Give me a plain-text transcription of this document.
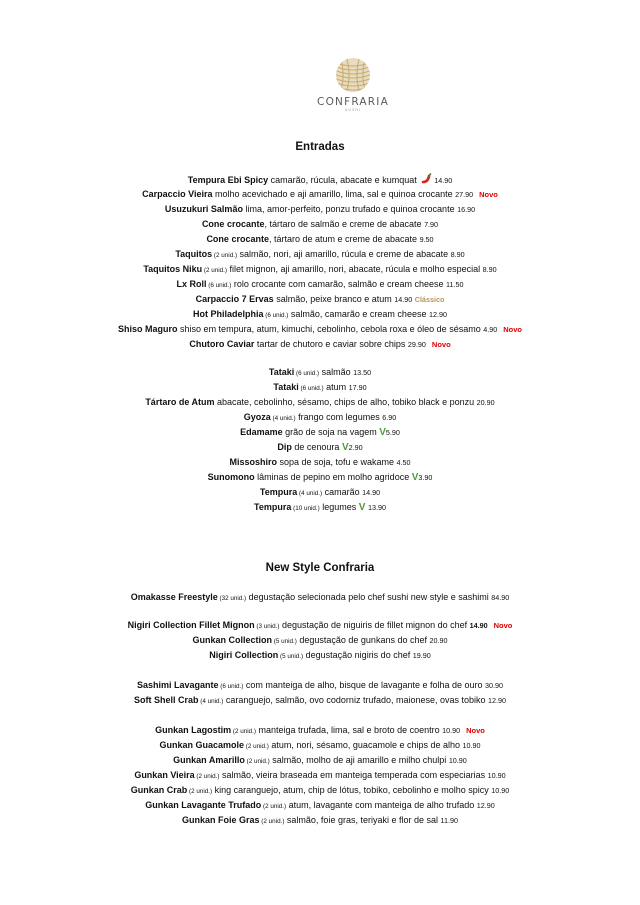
CONFRARIA
SUSHI
Entradas
Tempura Ebi Spicy camarão, rúcula, abacate e kumquat 14.90
Carpaccio Vieira molho acevichado e aji amarillo, lima, sal e quinoa crocante 27.90 Novo
Usuzukuri Salmão lima, amor-perfeito, ponzu trufado e quinoa crocante 16.90
Cone crocante, tártaro de salmão e creme de abacate 7.90
Cone crocante, tártaro de atum e creme de abacate 9.50
Taquitos (2 unid.) salmão, nori, aji amarillo, rúcula e creme de abacate 8.90
Taquitos Niku (2 unid.) filet mignon, aji amarillo, nori, abacate, rúcula e molho especial 8.90
Lx Roll (6 unid.) rolo crocante com camarão, salmão e cream cheese 11.50
Carpaccio 7 Ervas salmão, peixe branco e atum 14.90 Clássico
Hot Philadelphia (6 unid.) salmão, camarão e cream cheese 12.90
Shiso Maguro shiso em tempura, atum, kimuchi, cebolinho, cebola roxa e óleo de sésamo 4.90 Novo
Chutoro Caviar tartar de chutoro e caviar sobre chips 29.90 Novo
Tataki (6 unid.) salmão 13.50
Tataki (6 unid.) atum 17.90
Tártaro de Atum abacate, cebolinho, sésamo, chips de alho, tobiko black e ponzu 20.90
Gyoza (4 unid.) frango com legumes 6.90
Edamame grão de soja na vagem V5.90
Dip de cenoura V2.90
Missoshiro sopa de soja, tofu e wakame 4.50
Sunomono lâminas de pepino em molho agridoce V3.90
Tempura (4 unid.) camarão 14.90
Tempura (10 unid.) legumes V 13.90
New Style Confraria
Omakasse Freestyle (32 unid.) degustação selecionada pelo chef sushi new style e sashimi 84.90
Nigiri Collection Fillet Mignon (3 unid.) degustação de niguiris de fillet mignon do chef 14.90 Novo
Gunkan Collection (5 unid.) degustação de gunkans do chef 20.90
Nigiri Collection (5 unid.) degustação nigiris do chef 19.90
Sashimi Lavagante (6 unid.) com manteiga de alho, bisque de lavagante e folha de ouro 30.90
Soft Shell Crab (4 unid.) caranguejo, salmão, ovo codorniz trufado, maionese, ovas tobiko 12.90
Gunkan Lagostim (2 unid.) manteiga trufada, lima, sal e broto de coentro 10.90 Novo
Gunkan Guacamole (2 unid.) atum, nori, sésamo, guacamole e chips de alho 10.90
Gunkan Amarillo (2 unid.) salmão, molho de aji amarillo e milho chulpi 10.90
Gunkan Vieira (2 unid.) salmão, vieira braseada em manteiga temperada com especiarias 10.90
Gunkan Crab (2 unid.) king caranguejo, atum, chip de lótus, tobiko, cebolinho e molho spicy 10.90
Gunkan Lavagante Trufado (2 unid.) atum, lavagante com manteiga de alho trufado 12.90
Gunkan Foie Gras (2 unid.) salmão, foie gras, teriyaki e flor de sal 11.90
